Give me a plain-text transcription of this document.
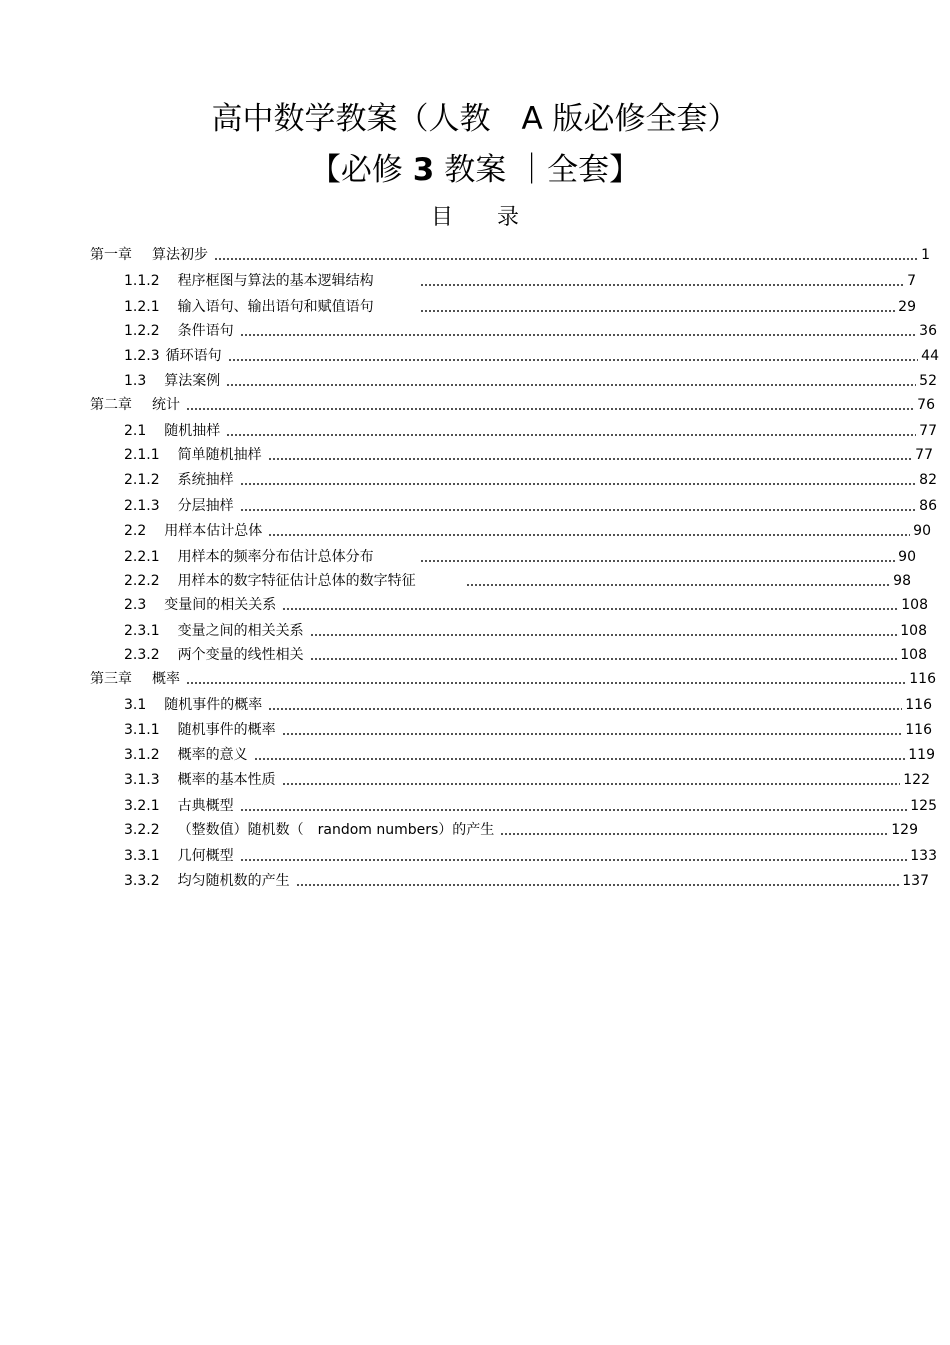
高中数学教案（人教　A 版必修全套）
【必修 3 教案 ｜全套】
目　　录
第一章 算法初步	1
1.1.2 程序框图与算法的基本逻辑结构	7
1.2.1 输入语句、输出语句和赋值语句	29
1.2.2 条件语句	36
1.2.3 循环语句	44
1.3 算法案例	52
第二章 统计	76
2.1 随机抽样	77
2.1.1 简单随机抽样	77
2.1.2 系统抽样	82
2.1.3 分层抽样	86
2.2 用样本估计总体	90
2.2.1 用样本的频率分布估计总体分布	90
2.2.2 用样本的数字特征估计总体的数字特征	98
2.3 变量间的相关关系	108
2.3.1 变量之间的相关关系	108
2.3.2 两个变量的线性相关	108
第三章 概率	116
3.1 随机事件的概率	116
3.1.1 随机事件的概率	116
3.1.2 概率的意义	119
3.1.3 概率的基本性质	122
3.2.1 古典概型	125
3.2.2 （整数值）随机数（　random numbers）的产生	129
3.3.1 几何概型	133
3.3.2 均匀随机数的产生	137
